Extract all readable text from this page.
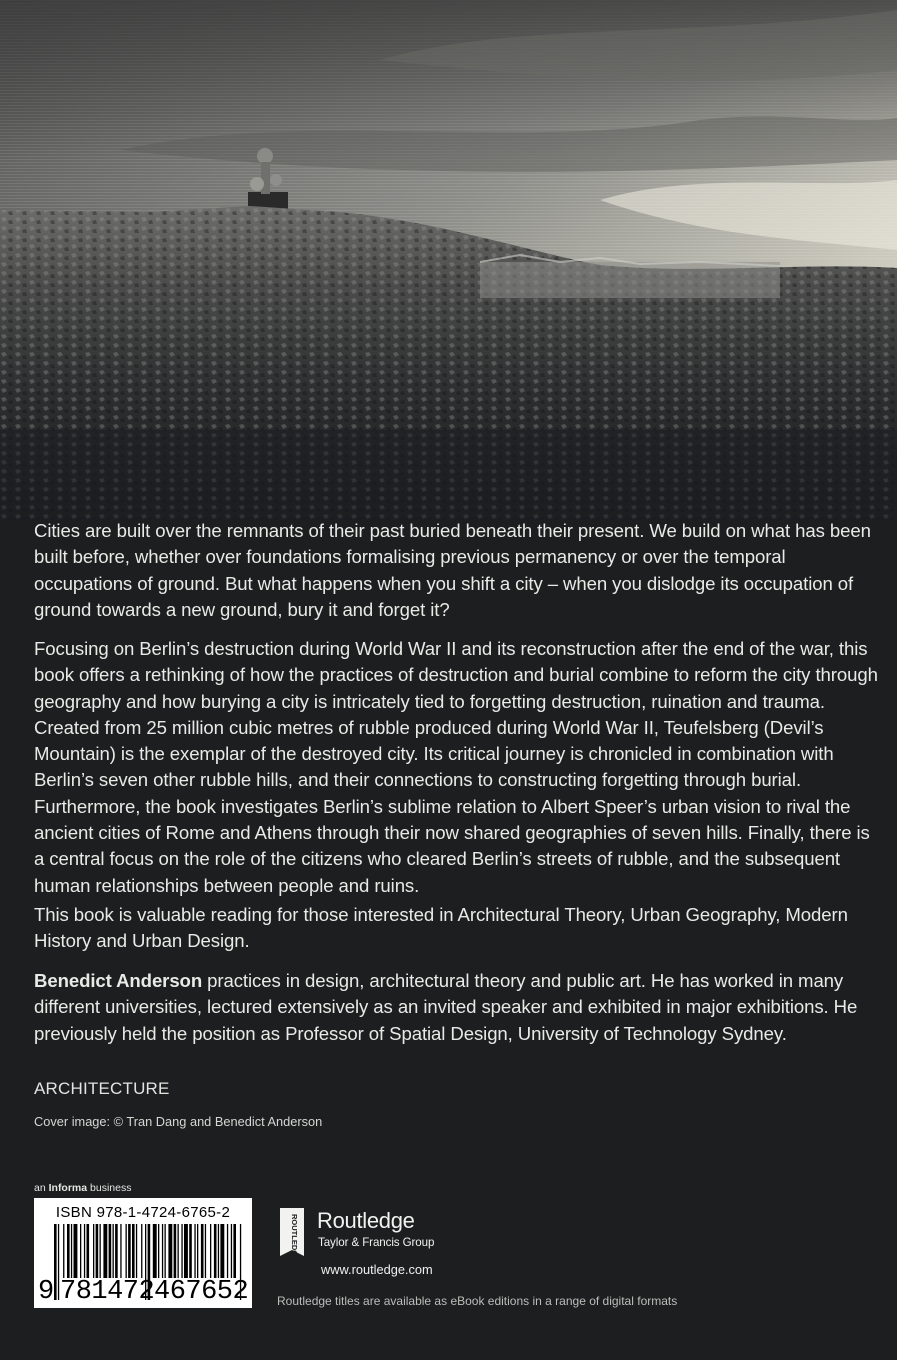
Cities are built over the remnants of their past buried beneath their present. We build on what has been built before, whether over foundations formalising previous permanency or over the temporal occupations of ground. But what happens when you shift a city – when you dislodge its occupation of ground towards a new ground, bury it and forget it?

Focusing on Berlin’s destruction during World War II and its reconstruction after the end of the war, this book offers a rethinking of how the practices of destruction and burial combine to reform the city through geography and how burying a city is intricately tied to forgetting destruction, ruination and trauma. Created from 25 million cubic metres of rubble produced during World War II, Teufelsberg (Devil’s Mountain) is the exemplar of the destroyed city. Its critical journey is chronicled in combination with Berlin’s seven other rubble hills, and their connections to constructing forgetting through burial. Furthermore, the book investigates Berlin’s sublime relation to Albert Speer’s urban vision to rival the ancient cities of Rome and Athens through their now shared geographies of seven hills. Finally, there is a central focus on the role of the citizens who cleared Berlin’s streets of rubble, and the subsequent human relationships between people and ruins.

This book is valuable reading for those interested in Architectural Theory, Urban Geography, Modern History and Urban Design.

Benedict Anderson practices in design, architectural theory and public art. He has worked in many different universities, lectured extensively as an invited speaker and exhibited in major exhibitions. He previously held the position as Professor of Spatial Design, University of Technology Sydney.

ARCHITECTURE
Cover image: © Tran Dang and Benedict Anderson
an Informa business
ISBN 978-1-4724-6765-2
9 781472 467652
ROUTLEDGE Routledge
Taylor & Francis Group
www.routledge.com
Routledge titles are available as eBook editions in a range of digital formats
